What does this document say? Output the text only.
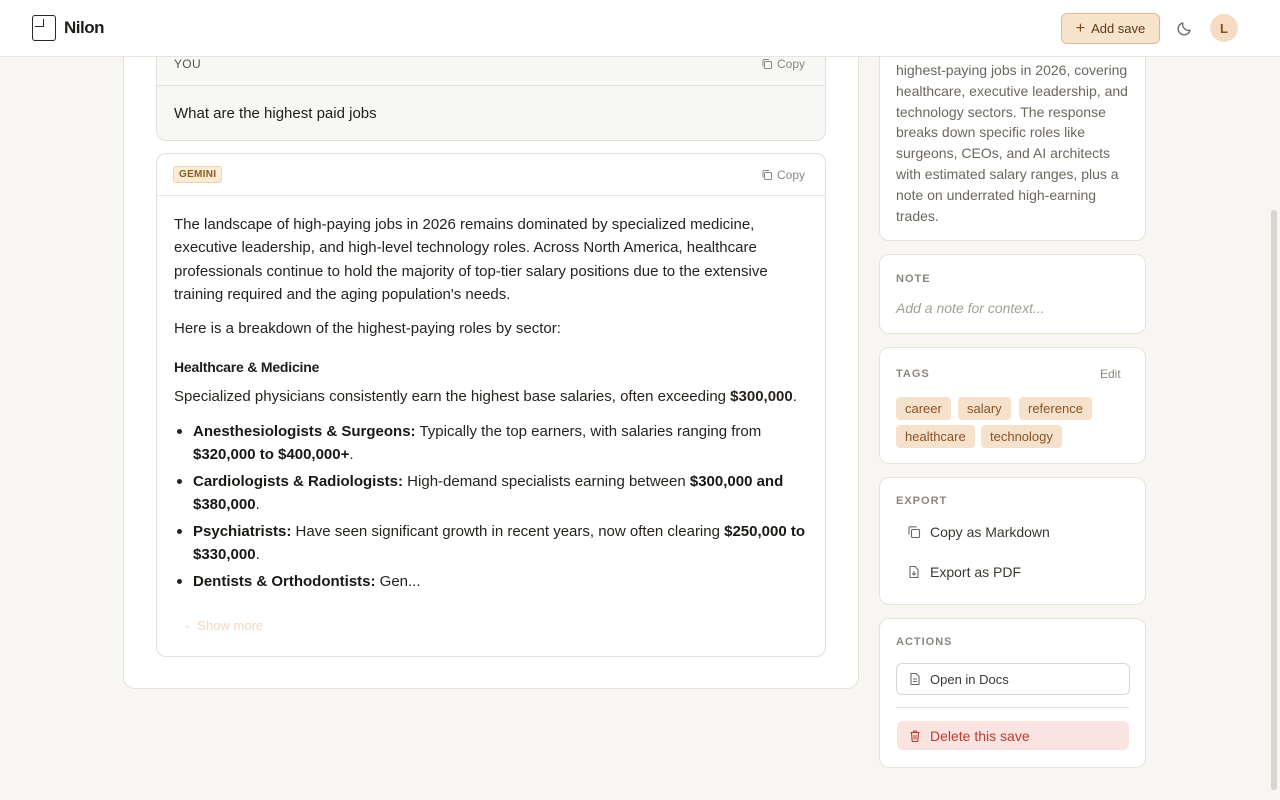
Nilon	+ Add save	L
YOU	Copy
What are the highest paid jobs
GEMINI	Copy

The landscape of high-paying jobs in 2026 remains dominated by specialized medicine, executive leadership, and high-level technology roles. Across North America, healthcare professionals continue to hold the majority of top-tier salary positions due to the extensive training required and the aging population's needs.

Here is a breakdown of the highest-paying roles by sector:

Healthcare & Medicine

Specialized physicians consistently earn the highest base salaries, often exceeding $300,000.

Anesthesiologists & Surgeons: Typically the top earners, with salaries ranging from $320,000 to $400,000+.
Cardiologists & Radiologists: High-demand specialists earning between $300,000 and $380,000.
Psychiatrists: Have seen significant growth in recent years, now often clearing $250,000 to $330,000.
Dentists & Orthodontists: Gen...
⌄ Show more

highest-paying jobs in 2026, covering healthcare, executive leadership, and technology sectors. The response breaks down specific roles like surgeons, CEOs, and AI architects with estimated salary ranges, plus a note on underrated high-earning trades.

NOTE
Add a note for context...
TAGS	Edit
career	salary	reference
healthcare	technology
EXPORT
Copy as Markdown
Export as PDF
ACTIONS
Open in Docs
Delete this save
